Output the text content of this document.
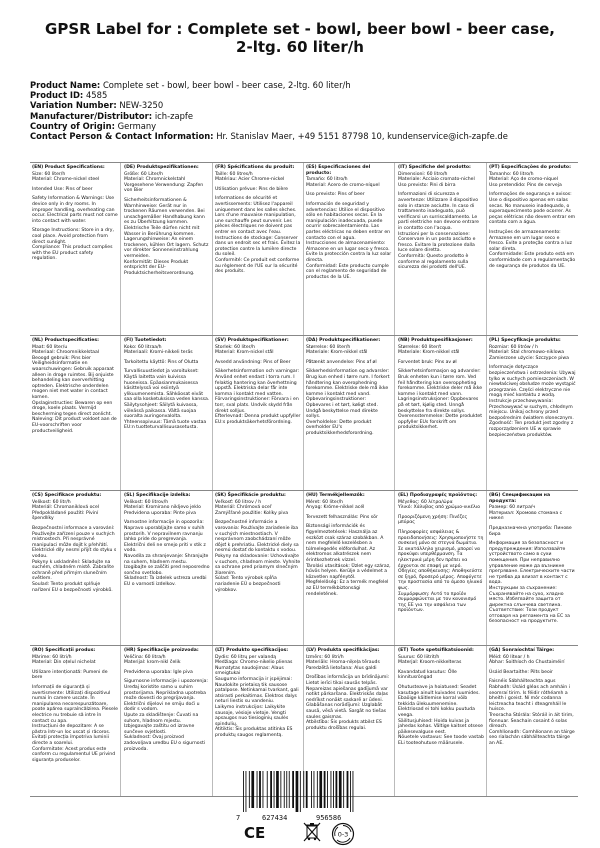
GPSR Label for : Complete set - bowl, beer bowl - beer case, 2-ltg. 60 liter/h
Product Name: Complete set - bowl, beer bowl - beer case, 2-ltg. 60 liter/h
Product ID: 4585
Variation Number: NEW-3250
Manufacturer/Distributor: ich-zapfe
Country of Origin: Germany
Contact Person & Contact Information: Hr. Stanislav Maer, +49 5151 87798 10, kundenservice@ich-zapfe.de
(EN) Product Specifications:
Size: 60 liter/h
Material: Chrome-nickel steel
Intended Use: Pins of beer
Safety Information & Warnings: Use device only in dry rooms. In improper handling, overheating can occur. Electrical parts must not come into contact with water.
Storage Instructions: Store in a dry, cool place. Avoid protection from direct sunlight.
Compliance: This product complies with the EU product safety regulation.
(DE) Produktspezifikationen:
Größe: 60 Liter/h
Material: Chromnickelstahl
Vorgesehene Verwendung: Zapfen von Bier
Sicherheitsinformationen & Warnhinweise: Gerät nur in trockenen Räumen verwenden. Bei unsachgemäßer Handhabung kann es zu Überhitzung kommen. Elektrische Teile dürfen nicht mit Wasser in Berührung kommen.
Lagerungshinweise: An einem trockenen, kühlen Ort lagern. Schutz vor direkter Sonneneinstrahlung vermeiden.
Konformität: Dieses Produkt entspricht der EU-Produktsicherheitsverordnung.
(FR) Spécifications du produit:
Taille: 60 litres/h
Matériau: Acier Chrome-nickel
Utilisation prévue: Pins de bière
Informations de sécurité et avertissements: Utilisez l'appareil uniquement dans les salles sèches. Lors d'une mauvaise manipulation, une surchauffe peut survenir. Les pièces électriques ne doivent pas entrer en contact avec l'eau.
Instructions de stockage: Conserver dans un endroit sec et frais. Évitez la protection contre la lumière directe du soleil.
Conformité: Ce produit est conforme au règlement de l'UE sur la sécurité des produits.
(ES) Especificaciones del producto:
Tamaño: 60 litro/h
Material: Acero de cromo-níquel
Uso previsto: Pins of beer
Información de seguridad y advertencias: Utilice el dispositivo sólo en habitaciones secas. En la manipulación inadecuada, puede ocurrir sobrecalentamiento. Las partes eléctricas no deben entrar en contacto con el agua.
Instrucciones de almacenamiento: Almacene en un lugar seco y fresco. Evite la protección contra la luz solar directa.
Conformidad: Este producto cumple con el reglamento de seguridad de productos de la UE.
(IT) Specifiche del prodotto:
Dimensioni: 60 litro/h
Materiale: Acciaio cromato-nichel
Uso previsto: Pini di birra
Informazioni di sicurezza e avvertenze: Utilizzare il dispositivo solo in stanze asciutte. In caso di trattamento inadeguato, può verificarsi un surriscaldamento. Le parti elettriche non devono entrare in contatto con l'acqua.
Istruzioni per la conservazione: Conservare in un posto asciutto e fresco. Evitare la protezione dalla luce solare diretta.
Conformità: Questo prodotto è conforme al regolamento sulla sicurezza dei prodotti dell'UE.
(PT) Especificações do produto:
Tamanho: 60 litro/h
Material: Aço de cromo-níquel
Uso pretendido: Pins de cerveja
Informações de segurança e avisos: Use o dispositivo apenas em salas secas. No manuseio inadequado, o superaquecimento pode ocorrer. As peças elétricas não devem entrar em contato com a água.
Instruções de armazenamento: Armazene em um lugar seco e fresco. Evite a proteção contra a luz solar direta.
Conformidade: Este produto está em conformidade com a regulamentação de segurança de produtos da UE.
(NL) Productspecificaties:
Maat: 60 liter/u
Materiaal: Chroomnikkelstaal
Beoogd gebruik: Pins bier
Veiligheidsinformatie en waarschuwingen: Gebruik apparaat alleen in droge ruimtes. Bij onjuiste behandeling kan oververhitting optreden. Elektrische onderdelen mogen niet met water in contact komen.
Opslaginstructies: Bewaren op een droge, koele plaats. Vermijd bescherming tegen direct zonlicht.
Naleving: Dit product voldoet aan de EU-voorschriften voor productveiligheid.
(FI) Tuotetiedot:
Koko: 60 litraa/h
Materiaali: Kromi-nikkeli teräs
Tarkoitettu käyttö: Pins of Olutta
Turvallisuustiedot ja varoitukset: Käytä laitetta vain kuivissa huoneissa. Epäasianmukaisessa käsittelyssä voi esiintyä ylikuumenemista. Sähköosat eivät saa olla kosketuksissa veden kanssa.
Säilytysohjeet: Säilytä kuivassa, viileässä paikassa. Vältä suojaa suoralta auringonvalolta.
Yhteensopivuus: Tämä tuote vastaa EU:n tuotteturvallisuusasetusta.
(SV) Produktspecifikationer:
Storlek: 60 liter/h
Material: Krom-nickel stål
Avsedd användning: Pins of Beer
Säkerhetsinformation och varningar: Använd enhet endast i torra rum. I felaktig hantering kan överhettning uppstå. Elektriska delar får inte komma i kontakt med vatten.
Förvaringsinstruktioner: Förvara i en torr, sval plats. Undvik skydd från direkt solljus.
Efterlevnad: Denna produkt uppfyller EU:s produktsäkerhetsförordning.
(DA) Produktspecifikationer:
Størrelse: 60 liter/h
Materiale: Krom-nikkel stål
Påtænkt anvendelse: Pins af øl
Sikkerhedsinformation og advarsler: Brug kun enhed i tørre rum. I forkert håndtering kan overophedning forekomme. Elektriske dele må ikke komme i kontakt med vand.
Opbevaringsinstruktioner: Opbevares i et tørt, køligt sted. Undgå beskyttelse mod direkte sollys.
Overholdelse: Dette produkt overholder EU's produktsikkerhedsforordning.
(NB) Produktspesifikasjoner:
Størrelse: 60 liter/t
Materiale: Krom-nikkel stål
Forventet bruk: Pins av øl
Sikkerhetsinformasjon og advarsler: Bruk enheten kun i tørre rom. Ved feil håndtering kan overoppheting forekomme. Elektriske deler må ikke komme i kontakt med vann.
Lagringsinstruksjoner: Oppbevares på et tørt, kjølig sted. Unngå beskyttelse fra direkte sollys.
Overensstemmelse: Dette produktet oppfyller EUs forskrift om produktsikkerhet.
(PL) Specyfikacje produktu:
Rozmiar: 60 litrów / h
Materiał: Stal chromowo-niklowa
Zamierzone użycie: Szczypce piwa
Informacje dotyczące bezpieczeństwa i ostrzeżenia: Używaj tylko w suchych pomieszczeniach. W niewłaściwej obsłudze może wystąpić przegrzanie. Części elektryczne nie mogą mieć kontaktu z wodą.
Instrukcje przechowywania: Przechowywać w suchym, chłodnym miejscu. Unikaj ochrony przed bezpośrednim światłem słonecznym.
Zgodność: Ten produkt jest zgodny z rozporządzeniem UE w sprawie bezpieczeństwa produktów.
(CS) Specifikace produktu:
Velikost: 60 litr/h
Materiál: Chromaniklová ocel
Předpokládané použití: Piviní špendlíky
Bezpečnostní informace a varování: Používejte zařízení pouze v suchých místnostech. Při nesprávné manipulaci může dojít k přehřátí. Elektrické díly nesmí přijít do styku s vodou.
Pokyny k uskladnění: Skladujte na suchém, chladném místě. Zabraňte ochraně před přímým slunečním světlem.
Soulad: Tento produkt splňuje nařízení EU o bezpečnosti výrobků.
(SL) Specifikacije izdelka:
Velikost: 60 litrov/h
Material: Kromirano nikljevo jeklo
Predvidena uporaba: Pinte piva
Varnostne informacije in opozorila: Napravo uporabljajte samo v suhih prostorih. V nepravilnem ravnanju lahko pride do pregrevanja. Električni deli ne smejo priti v stik z vodo.
Navodila za shranjevanje: Shranjujte na suhem, hladnem mestu. Izogibajte se zaščiti pred neposredno sončno svetlobo.
Skladnost: Ta izdelek ustreza uredbi EU o varnosti izdelkov.
(SK) Špecifikácie produktu:
Veľkosť: 60 litrov / h
Materiál: Chrómová oceľ
Zamýšľané použitie: Kolíky piva
Bezpečnostné informácie a varovania: Používajte zariadenie iba v suchých miestnostiach. V nesprávnom zaobchádzaní môže dôjsť k prehriatiu. Elektrické diely sa nesmú dostať do kontaktu s vodou.
Pokyny na skladovanie: Uchovávajte v suchom, chladnom mieste. Vyhnite sa ochrane pred priamym slnečným žiarením.
Súlad: Tento výrobok spĺňa nariadenie EÚ o bezpečnosti výrobkov.
(HU) Termékjellemzők:
Méret: 60 liter/h
Anyag: Króme-nikkel acél
Tervezett felhasználás: Pins sör
Biztonsági információk és figyelmeztetések: Használja az eszközt csak száraz szobákban. A nem megfelelő kezelésben a túlmelegedés előfordulhat. Az elektromos alkatrészek nem érintkezhetnek vízzel.
Tárolási utasítások: Üzlet egy száraz, hűvös helyen. Kerülje a védelmet a közvetlen napfénytől.
Megfelelőség: Ez a termék megfelel az EU termékbiztonsági rendeletének.
(EL) Προδιαγραφές προϊόντος:
Μέγεθος: 60 λίτρα/ώρα
Υλικό: Χάλυβας από χρώμιο-νικέλιο
Προοριζόμενη χρήση: Πινέζες μπύρας
Πληροφορίες ασφάλειας & προειδοποιήσεις: Χρησιμοποιήστε τη συσκευή μόνο σε στεγνά δωμάτια. Σε ακατάλληλο χειρισμό, μπορεί να προκύψει υπερθέρμανση. Τα ηλεκτρικά μέρη δεν πρέπει να έρχονται σε επαφή με νερό.
Οδηγίες αποθήκευσης: Αποθηκεύστε σε ξηρό, δροσερό μέρος. Αποφύγετε την προστασία από το άμεσο ηλιακό φως.
Συμμόρφωση: Αυτό το προϊόν συμμορφώνεται με τον κανονισμό της ΕΕ για την ασφάλεια των προϊόντων.
(BG) Спецификации на продукта:
Размер: 60 литра/ч
Материал: Хромово стомана с никел
Предназначена употреба: Пинове бира
Информация за безопасност и предупреждения: Използвайте устройството само в сухи помещения. При неправилно управление може да възникне прегряване. Електрическите части не трябва да влизат в контакт с вода.
Инструкции за съхранение: Съхранявайте на сухо, хладно място. Избягвайте защита от директна слънчева светлина.
Съответствие: Този продукт отговаря на регламента на ЕС за безопасност на продуктите.
(RO) Specificații produs:
Mărime: 60 litri/h
Material: Din oțelul nichelat
Utilizare intenționată: Pumeni de bere
Informații de siguranță și avertismente: Utilizați dispozitivul numai în camere uscate. În manipularea necorespunzătoare, poate apărea supraîncălzirea. Piesele electrice nu trebuie să intre în contact cu apa.
Instrucțiuni de depozitare: A se păstra într-un loc uscat și răcoros. Evitați protecția împotriva luminii directe a soarelui.
Conformitate: Acest produs este conform cu regulamentul UE privind siguranța produselor.
(HR) Specifikacije proizvoda:
Veličina: 60 litra/h
Materijal: krom-nikl čelik
Predviđena uporaba: Igle piva
Sigurnosne informacije i upozorenja: Uređaj koristite samo u suhim prostorijama. Neprikladna upotreba može dovesti do pregrijavanja. Električni dijelovi ne smiju doći u dodir s vodom.
Upute za skladištenje: Čuvati na suhom, hladnom mjestu. Izbjegavajte zaštitu od izravne sunčeve svjetlosti.
Sukladnost: Ovaj proizvod zadovoljava uredbu EU o sigurnosti proizvoda.
(LT) Produkto specifikacijos:
Dydis: 60 litrų per valandą
Medžiaga: Chromo-nikelio plienas
Numatytas naudojimas: Alaus smeigtukai
Saugumo informacija ir įspėjimai: Naudokite prietaisą tik sausose patalpose. Netinkamai tvarkant, gali atsirasti perkaitimas. Elektros dalys neturi liestis su vandeniu.
Laikymo instrukcijos: Laikykite sausoje, vėsioje vietoje. Vengti apsaugos nuo tiesioginių saulės spindulių.
Atitiktis: Šis produktas atitinka ES produktų saugos reglamentą.
(LV) Produkta specifikācijas:
Izmērs: 60 litri/h
Materiāls: Hroma-niķeļa tērauds
Paredzētā lietošana: Alus galdi
Drošības informācija un brīdinājumi: Lietot ierīci tikai sausās telpās. Nepareizas apiešanas gadījumā var notikt pārkaršana. Elektriskās daļas nedrīkst nonākt saskarē ar ūdeni.
Glabāšanas norādījumi: Uzglabāt sausā, vēsā vietā. Sargāt no tiešas saules gaismas.
Atbilstība: Šis produkts atbilst ES produktu drošības regulai.
(ET) Toote spetsifikatsioonid:
Suurus: 60 liitrit/h
Materjal: Kroom-nikkelteras
Kavandatud kasutus: Õlle kinnitusrõngad
Ohutusteave ja hoiatused: Seadet kasutage ainult kuivades ruumides. Ebaõige käitlemise korral võib tekkida ülekuumenemine. Elektriosad ei tohi kokku puutuda veega.
Säilitusjuhised: Hoida kuivas ja jahedas kohas. Vältige kaitset otsese päikesevalguse eest.
Nõuetele vastavus: See toode vastab ELi tooteohutuse määrusele.
(GA) Sonraíochtaí Táirge:
Méid: 60 lítear / h
Ábhar: Soithíoch do Chustaiméirí
Úsáid Beartaithe: Pilts beoir
Faisnéis Sábháilteachta agus Rabhadh: Úsáid gléas ach amháin i seomraí tirim. Is féidir róthéamh a bheith i gceist. Ní mór codanna leictreacha teacht i dteagmháil le huisce.
Treoracha Stórála: Stóráil in áit tirim, fionnuar. Seachain cosaint ó solas díreach.
Comhlíonadh: Comhlíonann an táirge seo rialachán sábháilteachta táirge an AE.
7	627434	956586
CE	0-3
